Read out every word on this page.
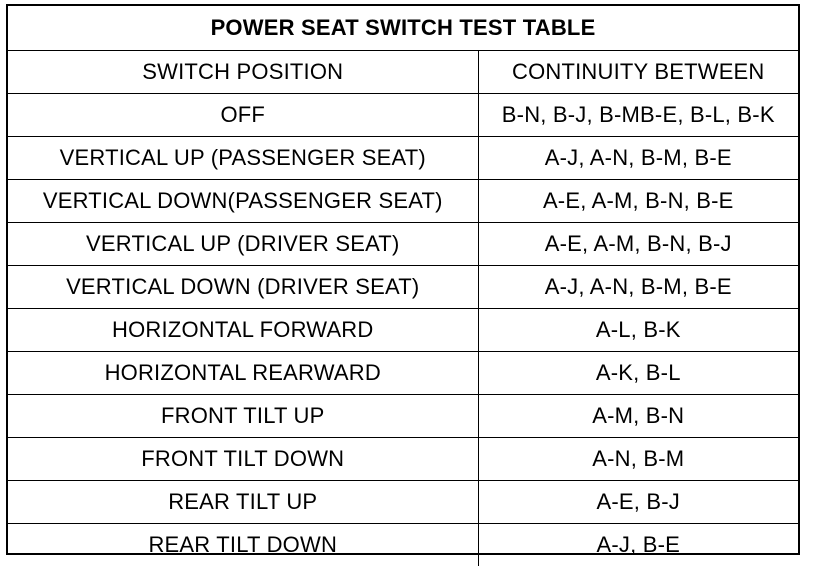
POWER SEAT SWITCH TEST TABLE	
SWITCH POSITION	CONTINUITY BETWEEN
OFF	B-N, B-J, B-MB-E, B-L, B-K
VERTICAL UP (PASSENGER SEAT)	A-J, A-N, B-M, B-E
VERTICAL DOWN(PASSENGER SEAT)	A-E, A-M, B-N, B-E
VERTICAL UP (DRIVER SEAT)	A-E, A-M, B-N, B-J
VERTICAL DOWN (DRIVER SEAT)	A-J, A-N, B-M, B-E
HORIZONTAL FORWARD	A-L, B-K
HORIZONTAL REARWARD	A-K, B-L
FRONT TILT UP	A-M, B-N
FRONT TILT DOWN	A-N, B-M
REAR TILT UP	A-E, B-J
REAR TILT DOWN	A-J, B-E
